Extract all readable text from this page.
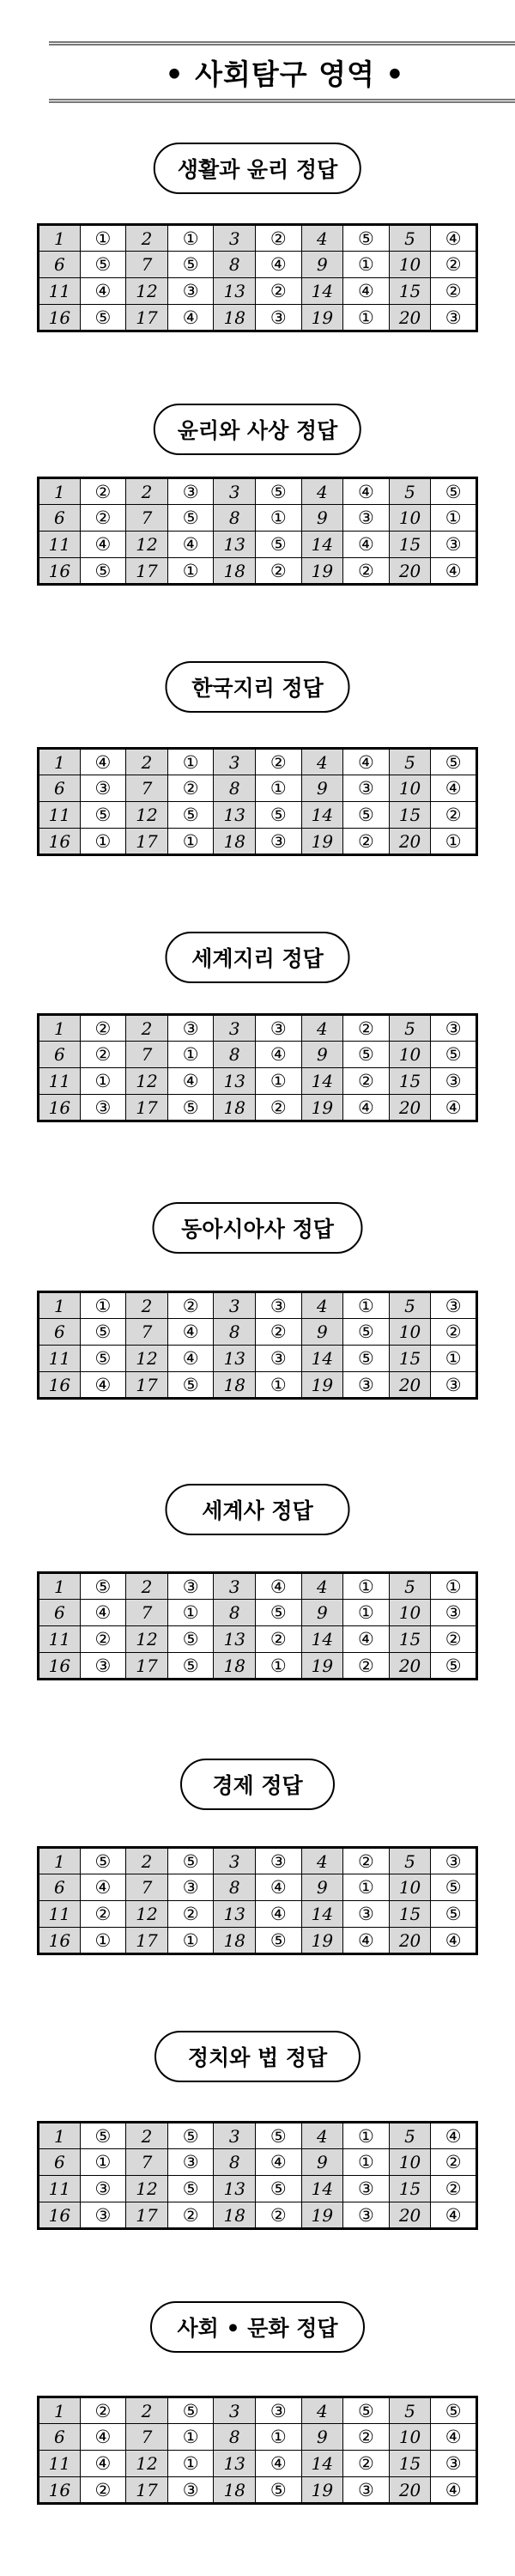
• 사회탐구 영역 •
생활과 윤리 정답
1	①	2	①	3	②	4	⑤	5	④
6	⑤	7	⑤	8	④	9	①	10	②
11	④	12	③	13	②	14	④	15	②
16	⑤	17	④	18	③	19	①	20	③
윤리와 사상 정답
1	②	2	③	3	⑤	4	④	5	⑤
6	②	7	⑤	8	①	9	③	10	①
11	④	12	④	13	⑤	14	④	15	③
16	⑤	17	①	18	②	19	②	20	④
한국지리 정답
1	④	2	①	3	②	4	④	5	⑤
6	③	7	②	8	①	9	③	10	④
11	⑤	12	⑤	13	⑤	14	⑤	15	②
16	①	17	①	18	③	19	②	20	①
세계지리 정답
1	②	2	③	3	③	4	②	5	③
6	②	7	①	8	④	9	⑤	10	⑤
11	①	12	④	13	①	14	②	15	③
16	③	17	⑤	18	②	19	④	20	④
동아시아사 정답
1	①	2	②	3	③	4	①	5	③
6	⑤	7	④	8	②	9	⑤	10	②
11	⑤	12	④	13	③	14	⑤	15	①
16	④	17	⑤	18	①	19	③	20	③
세계사 정답
1	⑤	2	③	3	④	4	①	5	①
6	④	7	①	8	⑤	9	①	10	③
11	②	12	⑤	13	②	14	④	15	②
16	③	17	⑤	18	①	19	②	20	⑤
경제 정답
1	⑤	2	⑤	3	③	4	②	5	③
6	④	7	③	8	④	9	①	10	⑤
11	②	12	②	13	④	14	③	15	⑤
16	①	17	①	18	⑤	19	④	20	④
정치와 법 정답
1	⑤	2	⑤	3	⑤	4	①	5	④
6	①	7	③	8	④	9	①	10	②
11	③	12	⑤	13	⑤	14	③	15	②
16	③	17	②	18	②	19	③	20	④
사회 • 문화 정답
1	②	2	⑤	3	③	4	⑤	5	⑤
6	④	7	①	8	①	9	②	10	④
11	④	12	①	13	④	14	②	15	③
16	②	17	③	18	⑤	19	③	20	④
